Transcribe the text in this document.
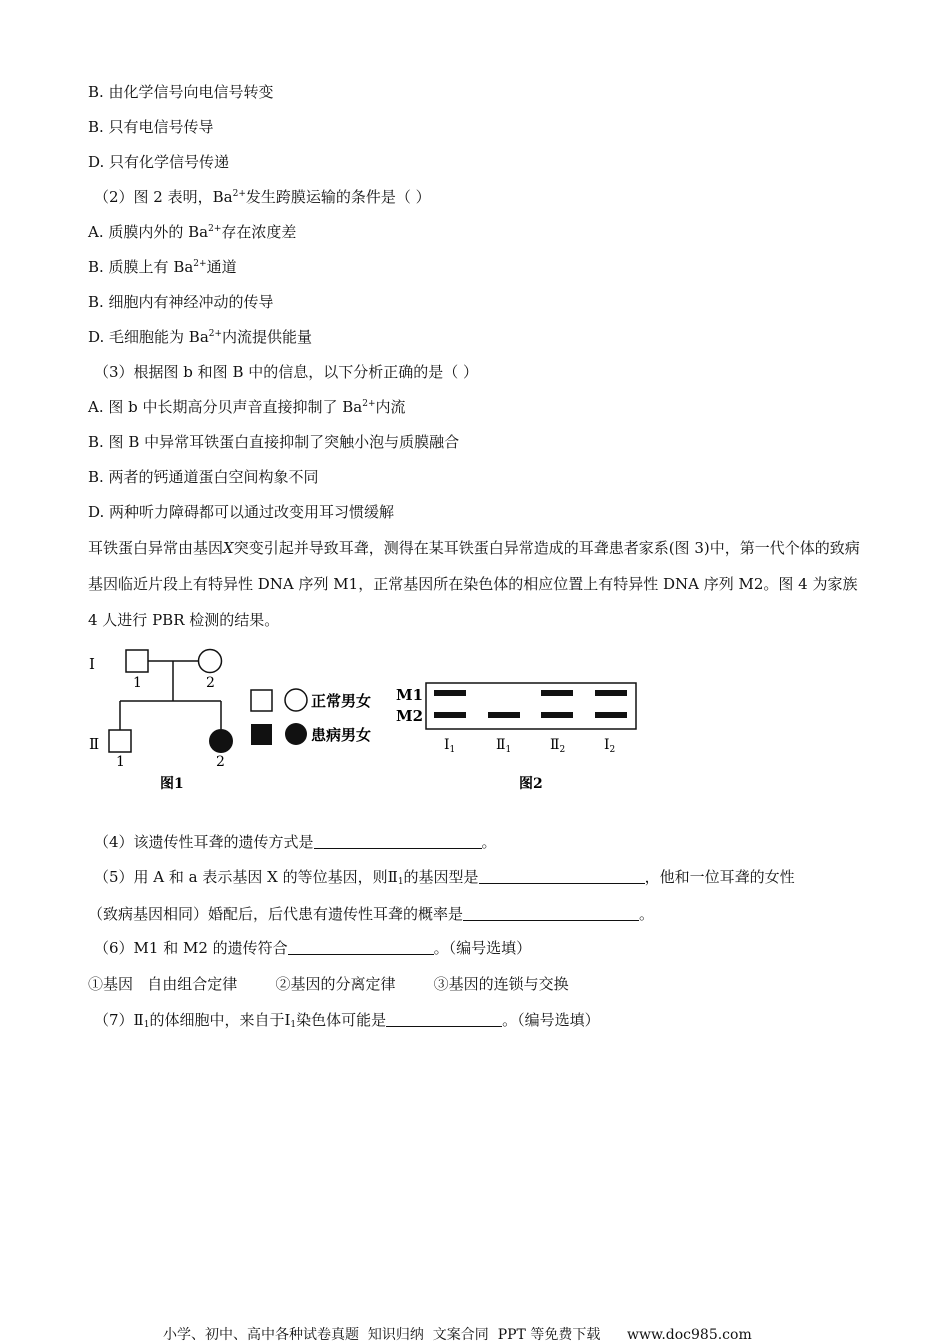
B. 由化学信号向电信号转变
B. 只有电信号传导
D. 只有化学信号传递
（2）图 2 表明，$Ba^{2+}$发生跨膜运输的条件是（ ）
A. 质膜内外的 $Ba^{2+}$存在浓度差
B. 质膜上有 $Ba^{2+}$通道
B. 细胞内有神经冲动的传导
D. 毛细胞能为 $Ba^{2+}$内流提供能量
（3）根据图 b 和图 B 中的信息，以下分析正确的是（ ）
A. 图 b 中长期高分贝声音直接抑制了 $Ba^{2+}$内流
B. 图 B 中异常耳铁蛋白直接抑制了突触小泡与质膜融合
B. 两者的钙通道蛋白空间构象不同
D. 两种听力障碍都可以通过改变用耳习惯缓解
耳铁蛋白异常由基因X突变引起并导致耳聋，测得在某耳铁蛋白异常造成的耳聋患者家系(图 3)中，第一代个体的致病基因临近片段上有特异性 DNA 序列 M1，正常基因所在染色体的相应位置上有特异性 DNA 序列 M2。图 4 为家族 4 人进行 PBR 检测的结果。
Ⅰ
Ⅱ
1	2
1	2
正常男女
患病男女
图1
M1
M2
$Ⅰ_1$	$Ⅱ_1$	$Ⅱ_2$	$Ⅰ_2$
图2
（4）该遗传性耳聋的遗传方式是	。
（5）用 A 和 a 表示基因 X 的等位基因，则$Ⅱ_1$的基因型是	，他和一位耳聋的女性
（致病基因相同）婚配后，后代患有遗传性耳聋的概率是	。
（6）M1 和 M2 的遗传符合	。（编号选填）
①基因   自由组合定律        ②基因的分离定律        ③基因的连锁与交换
$(7)Ⅱ_1$的体细胞中，来自于$Ⅰ_1$染色体可能是	。（编号选填）
小学、初中、高中各种试卷真题  知识归纳  文案合同  PPT 等免费下载      www.doc985.com
